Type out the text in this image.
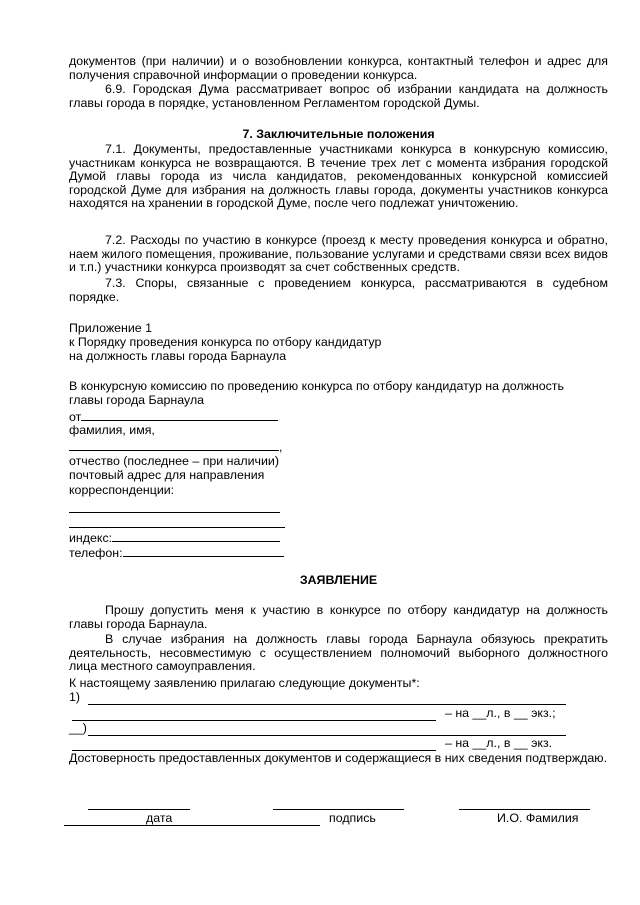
документов (при наличии) и о возобновлении конкурса, контактный телефон и адрес для получения справочной информации о проведении конкурса.
6.9. Городская Дума рассматривает вопрос об избрании кандидата на должность главы города в порядке, установленном Регламентом городской Думы.
7. Заключительные положения
7.1. Документы, предоставленные участниками конкурса в конкурсную комиссию, участникам конкурса не возвращаются. В течение трех лет с момента избрания городской Думой главы города из числа кандидатов, рекомендованных конкурсной комиссией городской Думе для избрания на должность главы города, документы участников конкурса находятся на хранении в городской Думе, после чего подлежат уничтожению.
7.2. Расходы по участию в конкурсе (проезд к месту проведения конкурса и обратно, наем жилого помещения, проживание, пользование услугами и средствами связи всех видов и т.п.) участники конкурса производят за счет собственных средств.
7.3. Споры, связанные с проведением конкурса, рассматриваются в судебном порядке.
Приложение 1
к Порядку проведения конкурса по отбору кандидатур
на должность главы города Барнаула
В конкурсную комиссию по проведению конкурса по отбору кандидатур на должность
главы города Барнаула
от
фамилия, имя,
,
отчество (последнее – при наличии)
почтовый адрес для направления
корреспонденции:
индекс:
телефон:
ЗАЯВЛЕНИЕ
Прошу допустить меня к участию в конкурсе по отбору кандидатур на должность главы города Барнаула.
В случае избрания на должность главы города Барнаула обязуюсь прекратить деятельность, несовместимую с осуществлением полномочий выборного должностного лица местного самоуправления.
К настоящему заявлению прилагаю следующие документы*:
1)
– на __л., в __ экз.;
__)
– на __л., в __ экз.
Достоверность предоставленных документов и содержащиеся в них сведения подтверждаю.
дата	подпись	И.О. Фамилия
